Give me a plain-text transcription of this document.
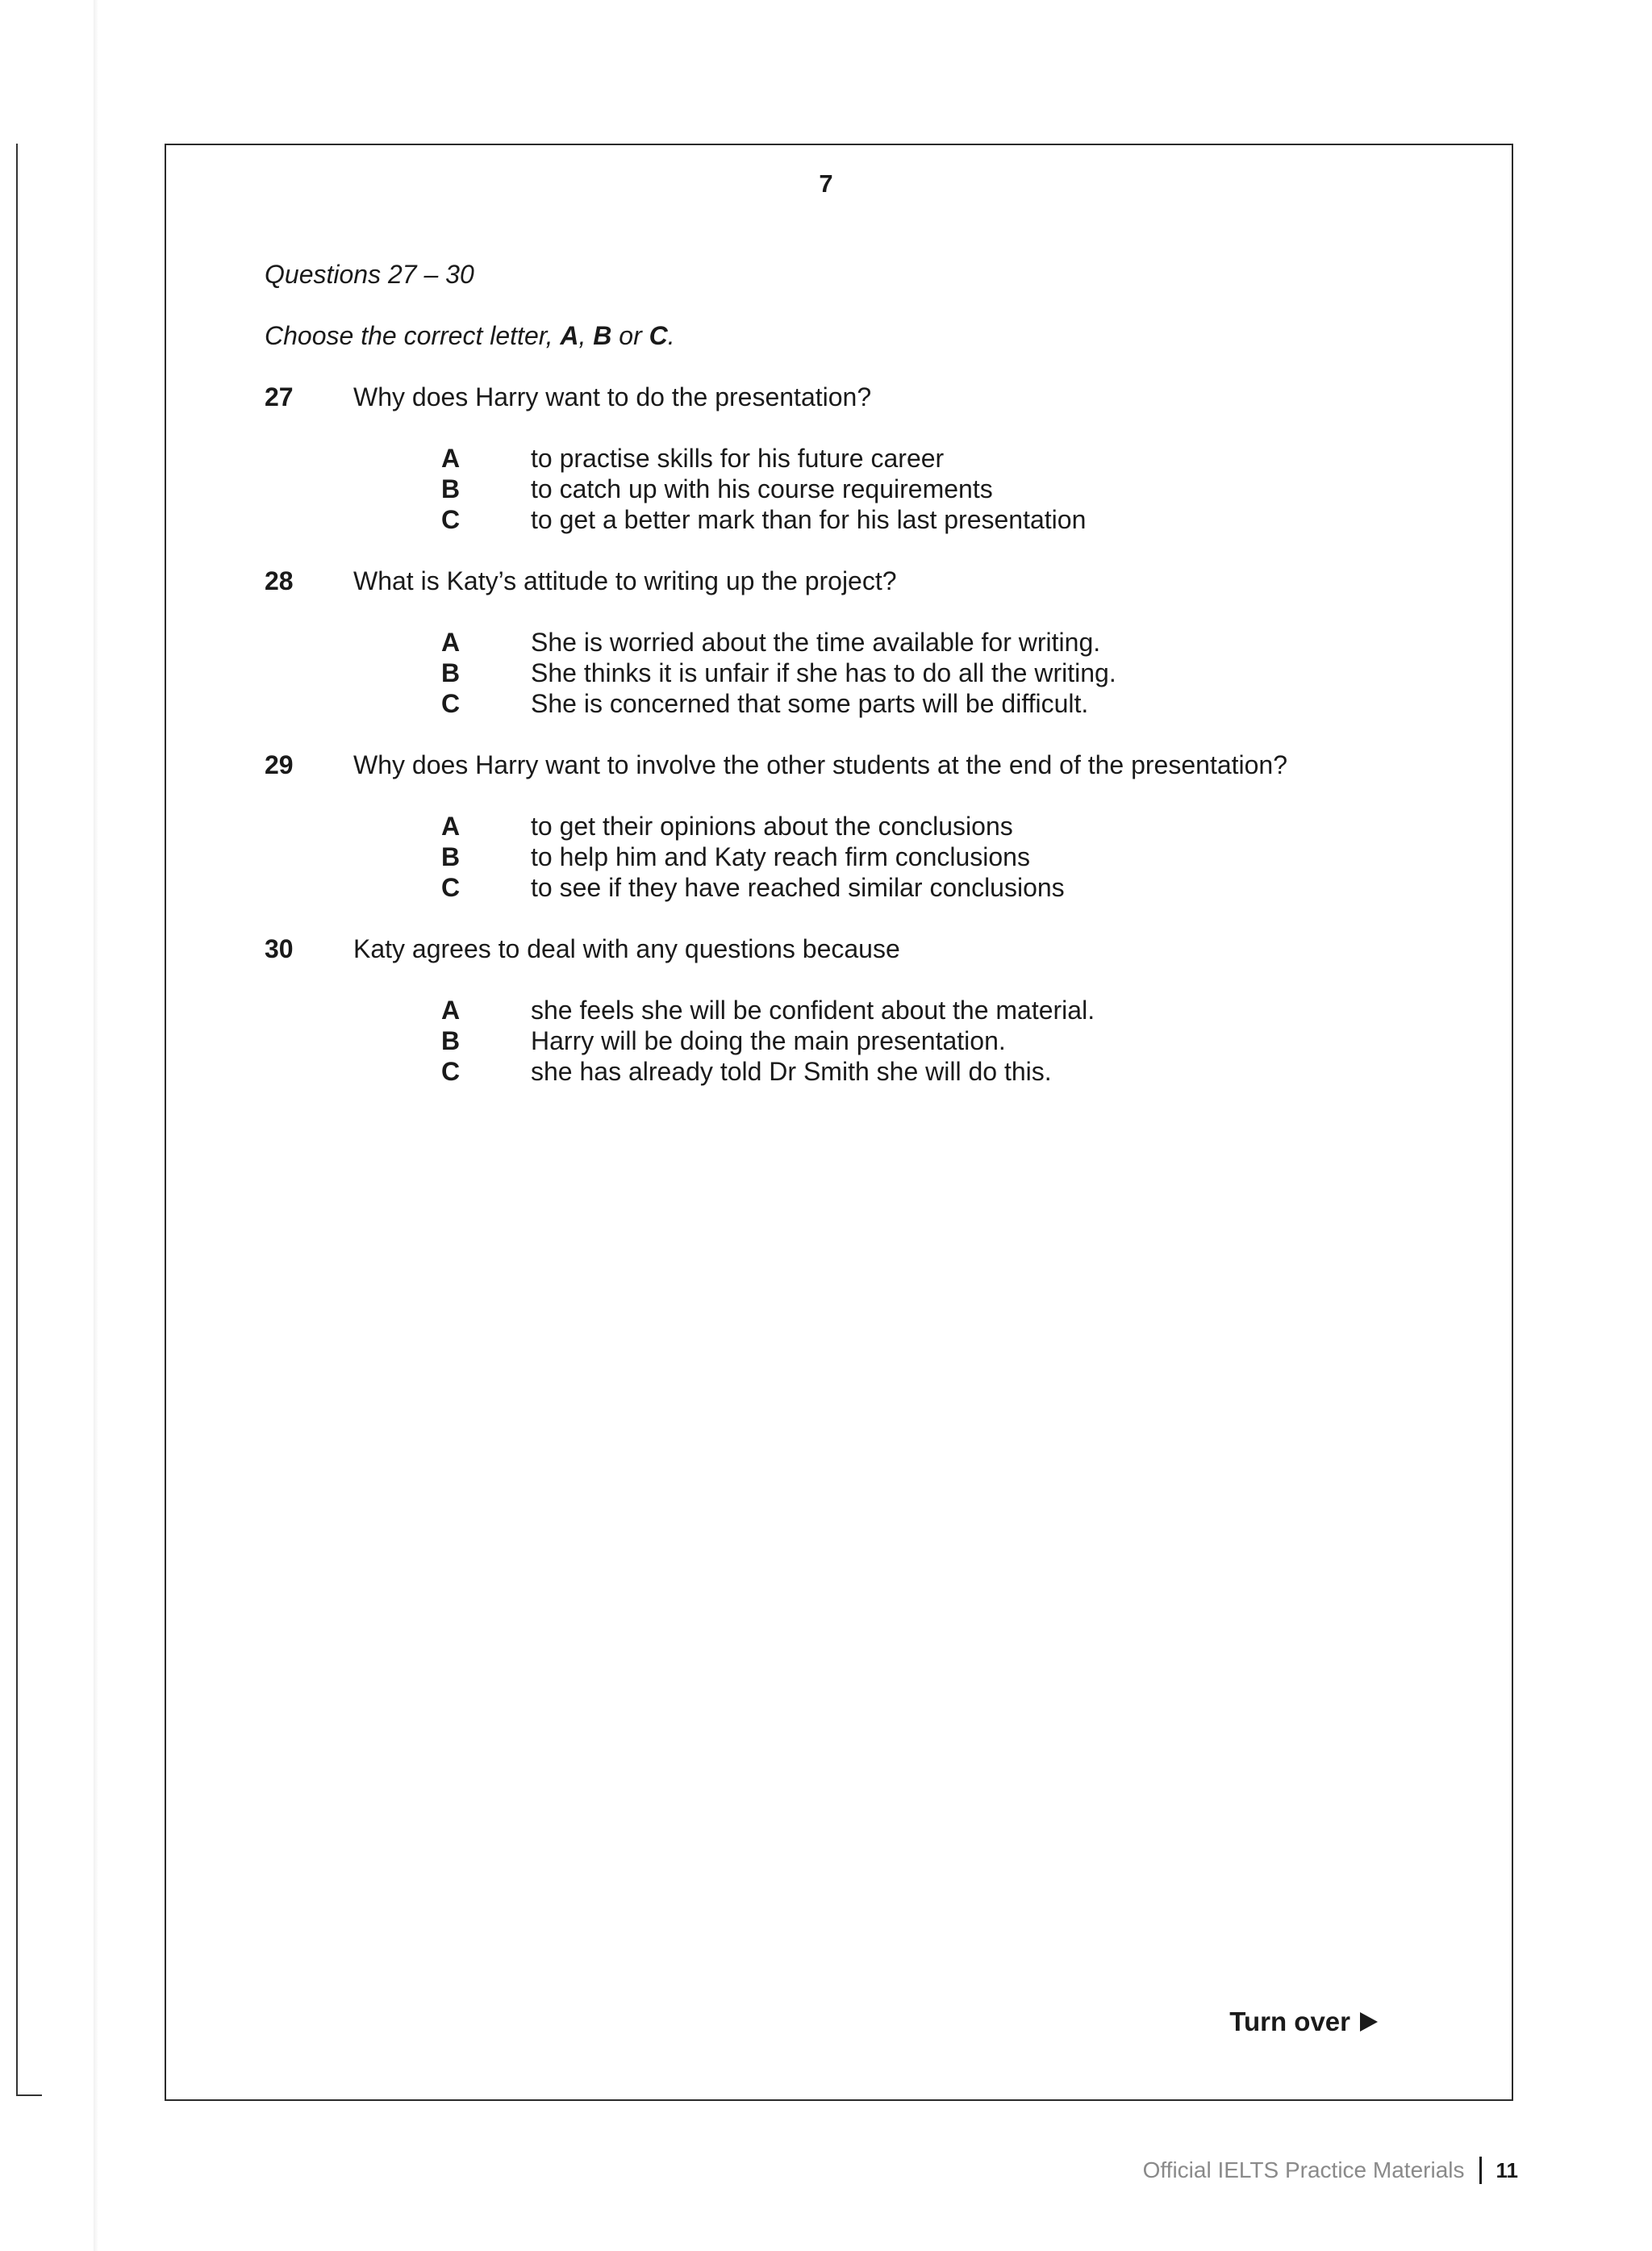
7
Questions 27 – 30
Choose the correct letter, A, B or C.
27 Why does Harry want to do the presentation?
A	to practise skills for his future career
B	to catch up with his course requirements
C	to get a better mark than for his last presentation
28 What is Katy’s attitude to writing up the project?
A	She is worried about the time available for writing.
B	She thinks it is unfair if she has to do all the writing.
C	She is concerned that some parts will be difficult.
29 Why does Harry want to involve the other students at the end of the presentation?
A	to get their opinions about the conclusions
B	to help him and Katy reach firm conclusions
C	to see if they have reached similar conclusions
30 Katy agrees to deal with any questions because
A	she feels she will be confident about the material.
B	Harry will be doing the main presentation.
C	she has already told Dr Smith she will do this.
Turn over
Official IELTS Practice Materials 11
